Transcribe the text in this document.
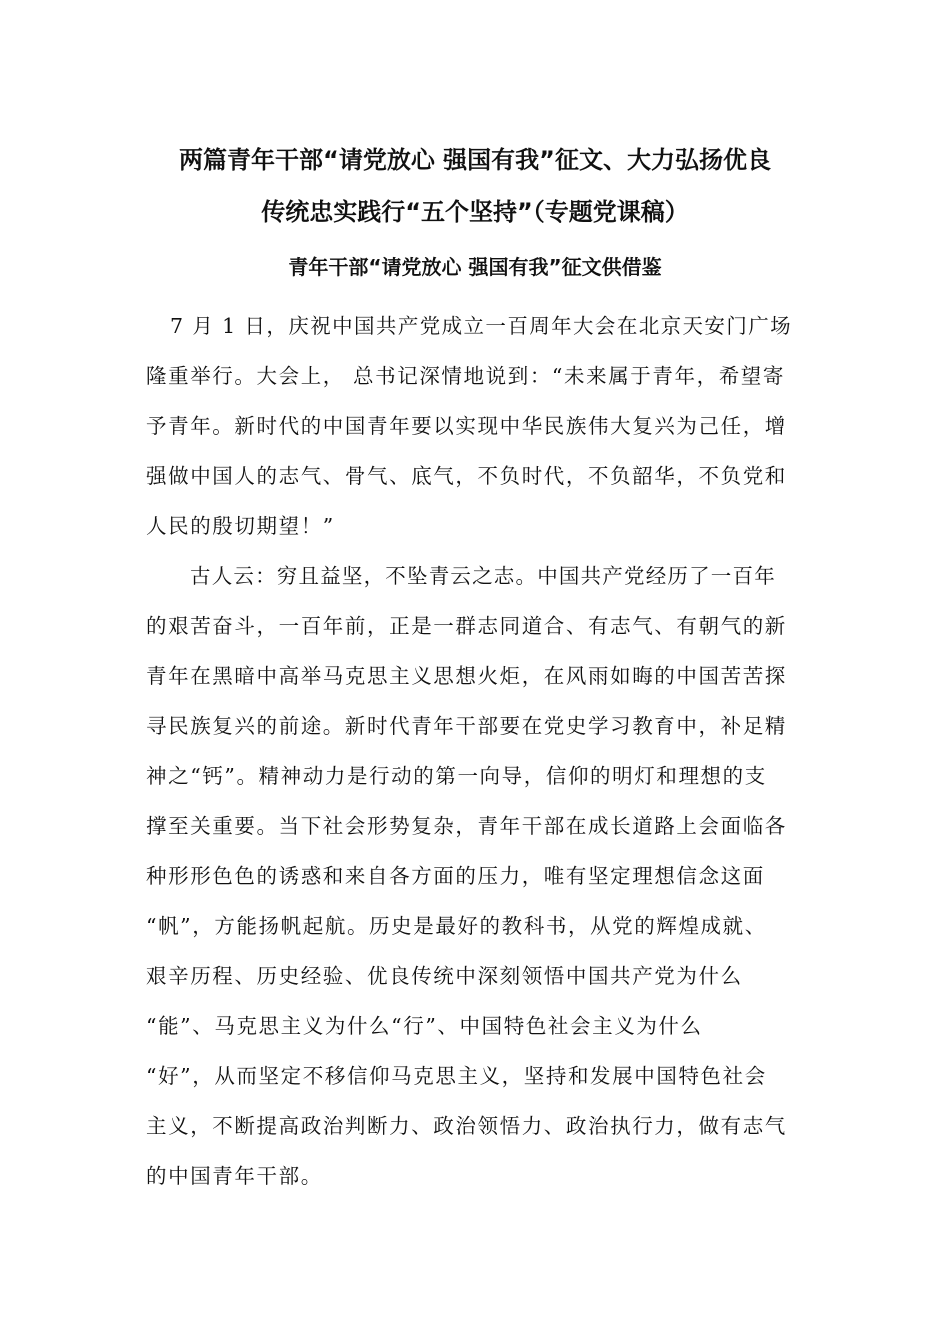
两篇青年干部“请党放心 强国有我”征文、大力弘扬优良
传统忠实践行“五个坚持”（专题党课稿）
青年干部“请党放心 强国有我”征文供借鉴
7 月 1 日，庆祝中国共产党成立一百周年大会在北京天安门广场
隆重举行。大会上， 总书记深情地说到：“未来属于青年，希望寄
予青年。新时代的中国青年要以实现中华民族伟大复兴为己任，增
强做中国人的志气、骨气、底气，不负时代，不负韶华，不负党和
人民的殷切期望！”
古人云：穷且益坚，不坠青云之志。中国共产党经历了一百年
的艰苦奋斗，一百年前，正是一群志同道合、有志气、有朝气的新
青年在黑暗中高举马克思主义思想火炬，在风雨如晦的中国苦苦探
寻民族复兴的前途。新时代青年干部要在党史学习教育中，补足精
神之“钙”。精神动力是行动的第一向导，信仰的明灯和理想的支
撑至关重要。当下社会形势复杂，青年干部在成长道路上会面临各
种形形色色的诱惑和来自各方面的压力，唯有坚定理想信念这面
“帆”，方能扬帆起航。历史是最好的教科书，从党的辉煌成就、
艰辛历程、历史经验、优良传统中深刻领悟中国共产党为什么
“能”、马克思主义为什么“行”、中国特色社会主义为什么
“好”，从而坚定不移信仰马克思主义，坚持和发展中国特色社会
主义，不断提高政治判断力、政治领悟力、政治执行力，做有志气
的中国青年干部。
